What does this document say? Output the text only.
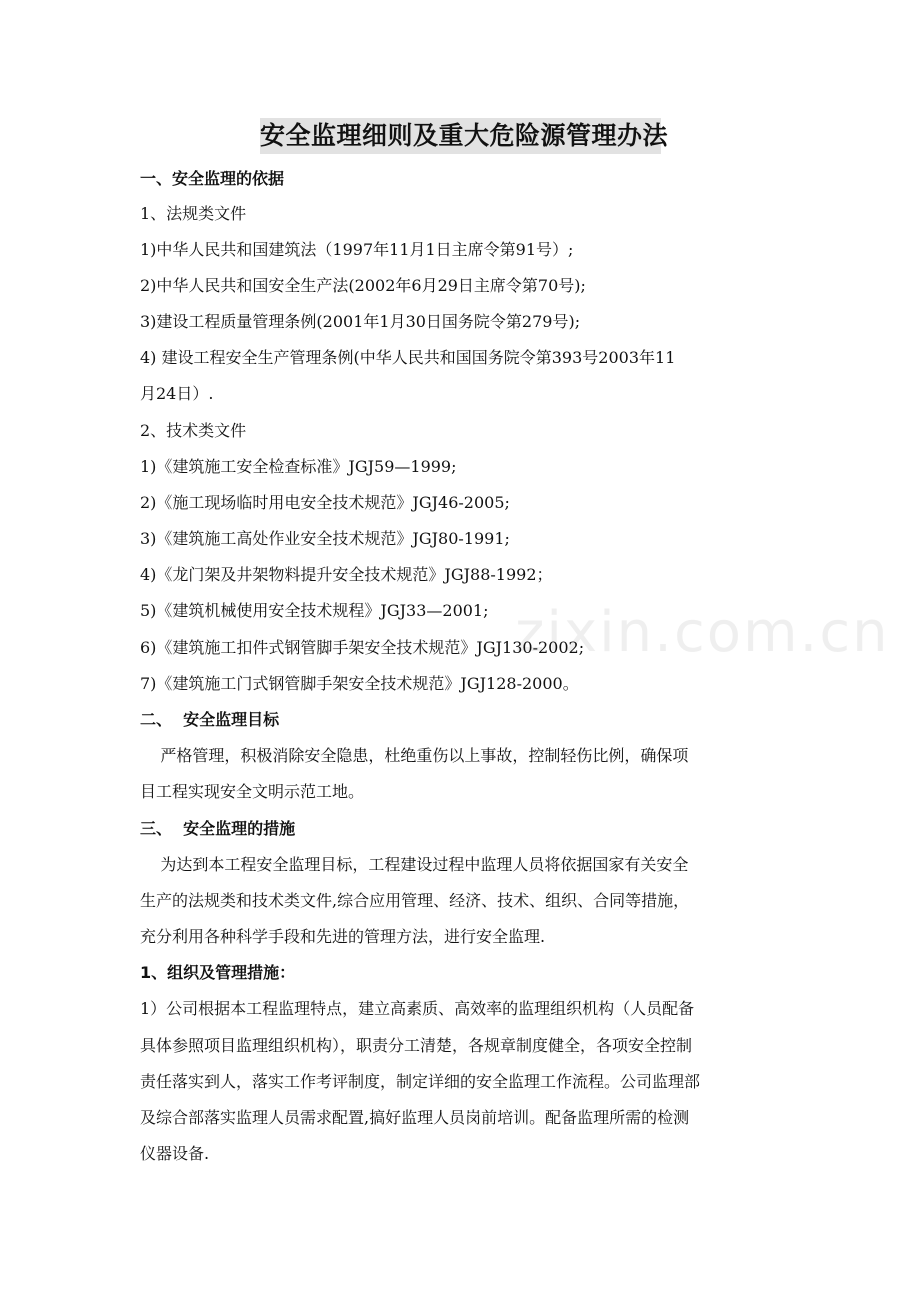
zixin.com.cn
安全监理细则及重大危险源管理办法
一、安全监理的依据
1、法规类文件
1)中华人民共和国建筑法（1997年11月1日主席令第91号）;
2)中华人民共和国安全生产法(2002年6月29日主席令第70号);
3)建设工程质量管理条例(2001年1月30日国务院令第279号);
4) 建设工程安全生产管理条例(中华人民共和国国务院令第393号2003年11
月24日）.
2、技术类文件
1)《建筑施工安全检查标准》JGJ59—1999;
2)《施工现场临时用电安全技术规范》JGJ46-2005;
3)《建筑施工高处作业安全技术规范》JGJ80-1991;
4)《龙门架及井架物料提升安全技术规范》JGJ88-1992；
5)《建筑机械使用安全技术规程》JGJ33—2001;
6)《建筑施工扣件式钢管脚手架安全技术规范》JGJ130-2002;
7)《建筑施工门式钢管脚手架安全技术规范》JGJ128-2000。
二、  安全监理目标
严格管理，积极消除安全隐患，杜绝重伤以上事故，控制轻伤比例，确保项
目工程实现安全文明示范工地。
三、  安全监理的措施
为达到本工程安全监理目标，工程建设过程中监理人员将依据国家有关安全
生产的法规类和技术类文件,综合应用管理、经济、技术、组织、合同等措施，
充分利用各种科学手段和先进的管理方法，进行安全监理.
1、组织及管理措施：
1）公司根据本工程监理特点，建立高素质、高效率的监理组织机构（人员配备
具体参照项目监理组织机构），职责分工清楚，各规章制度健全，各项安全控制
责任落实到人，落实工作考评制度，制定详细的安全监理工作流程。公司监理部
及综合部落实监理人员需求配置,搞好监理人员岗前培训。配备监理所需的检测
仪器设备.
